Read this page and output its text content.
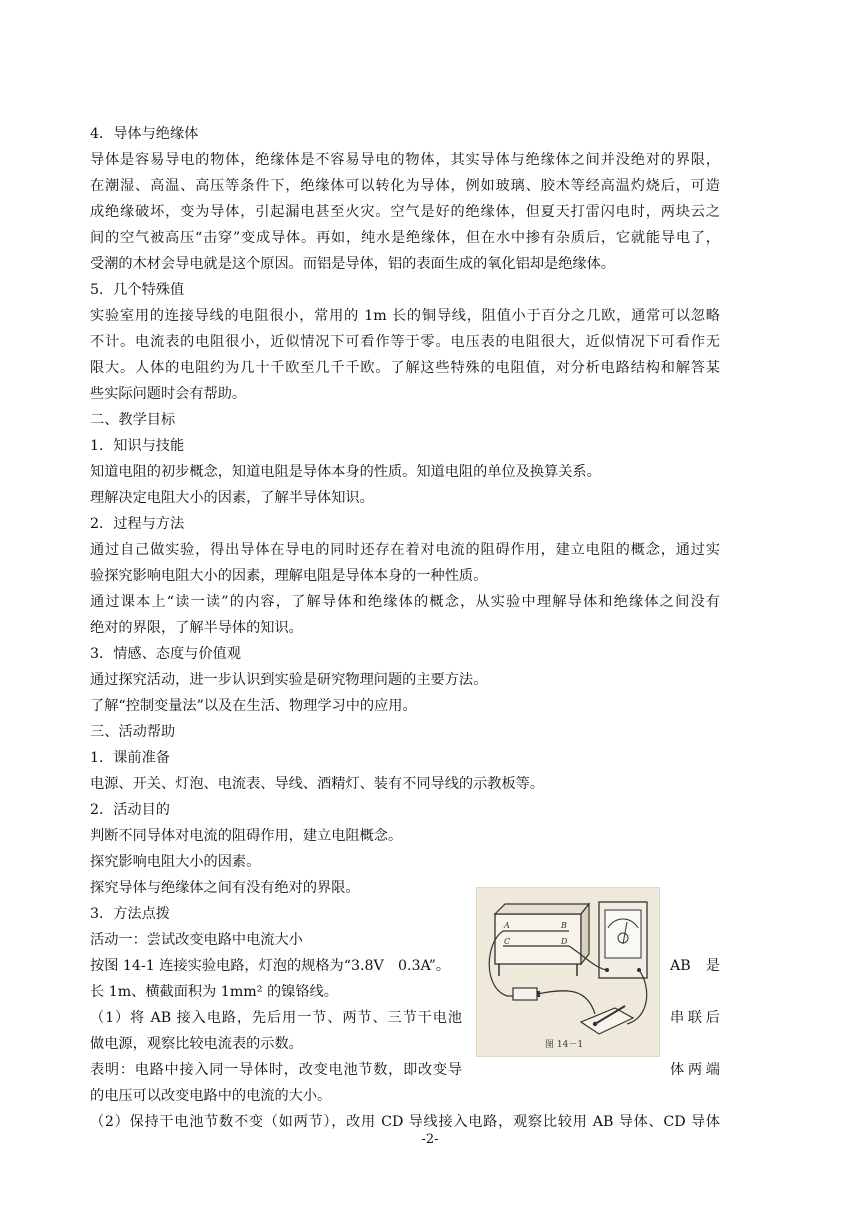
4．导体与绝缘体
导体是容易导电的物体，绝缘体是不容易导电的物体，其实导体与绝缘体之间并没绝对的界限，
在潮湿、高温、高压等条件下，绝缘体可以转化为导体，例如玻璃、胶木等经高温灼烧后，可造
成绝缘破坏，变为导体，引起漏电甚至火灾。空气是好的绝缘体，但夏天打雷闪电时，两块云之
间的空气被高压“击穿”变成导体。再如，纯水是绝缘体，但在水中掺有杂质后，它就能导电了，
受潮的木材会导电就是这个原因。而铝是导体，铝的表面生成的氧化铝却是绝缘体。
5．几个特殊值
实验室用的连接导线的电阻很小，常用的 1m 长的铜导线，阻值小于百分之几欧，通常可以忽略
不计。电流表的电阻很小，近似情况下可看作等于零。电压表的电阻很大，近似情况下可看作无
限大。人体的电阻约为几十千欧至几千千欧。了解这些特殊的电阻值，对分析电路结构和解答某
些实际问题时会有帮助。
二、教学目标
1．知识与技能
知道电阻的初步概念，知道电阻是导体本身的性质。知道电阻的单位及换算关系。
理解决定电阻大小的因素，了解半导体知识。
2．过程与方法
通过自己做实验，得出导体在导电的同时还存在着对电流的阻碍作用，建立电阻的概念，通过实
验探究影响电阻大小的因素，理解电阻是导体本身的一种性质。
通过课本上“读一读”的内容，了解导体和绝缘体的概念，从实验中理解导体和绝缘体之间没有
绝对的界限，了解半导体的知识。
3．情感、态度与价值观
通过探究活动，进一步认识到实验是研究物理问题的主要方法。
了解“控制变量法”以及在生活、物理学习中的应用。
三、活动帮助
1．课前准备
电源、开关、灯泡、电流表、导线、酒精灯、装有不同导线的示教板等。
2．活动目的
判断不同导体对电流的阻碍作用，建立电阻概念。
探究影响电阻大小的因素。
探究导体与绝缘体之间有没有绝对的界限。
3．方法点拨
活动一：尝试改变电路中电流大小
按图 14-1 连接实验电路，灯泡的规格为“3.8V　0.3A”。
长 1m、横截面积为 1mm² 的镍铬线。
（1）将 AB 接入电路，先后用一节、两节、三节干电池
做电源，观察比较电流表的示数。
表明：电路中接入同一导体时，改变电池节数，即改变导
的电压可以改变电路中的电流的大小。
（2）保持干电池节数不变（如两节），改用 CD 导线接入电路，观察比较用 AB 导体、CD 导体
AB　是
串联后
体两端
A	B
C	D
图 14－1
-2-
